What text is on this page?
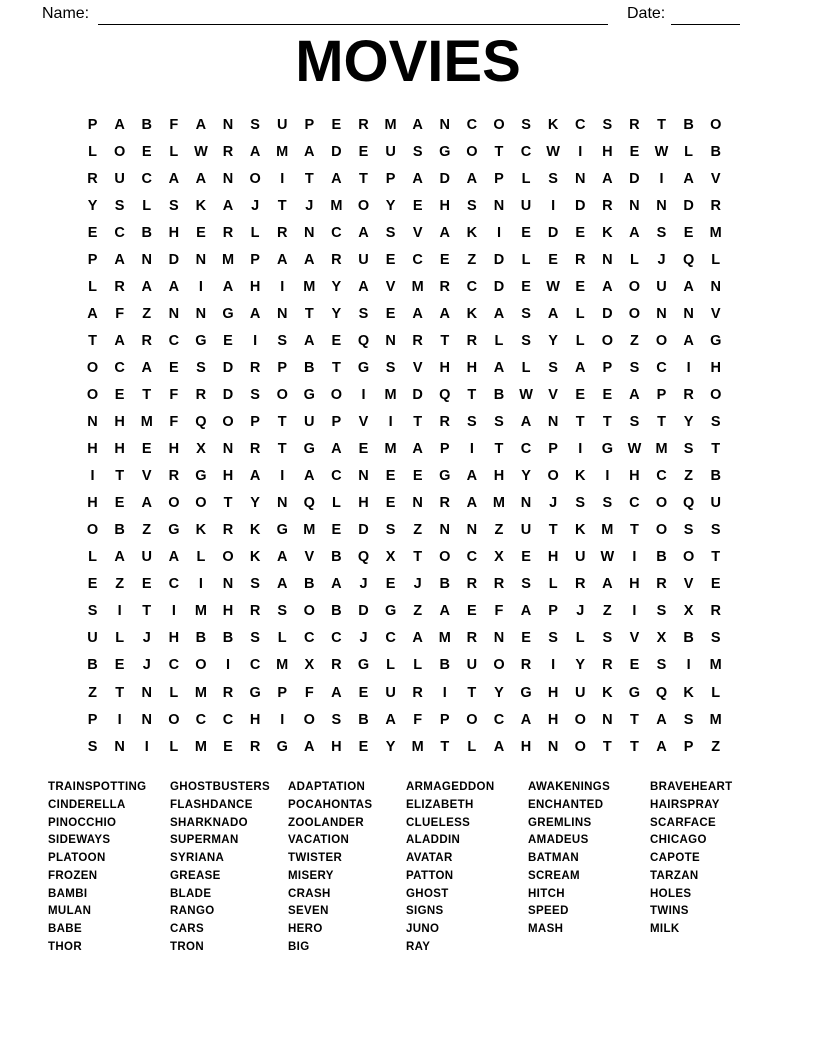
Name:	Date:
MOVIES
P	A	B	F	A	N	S	U	P	E	R	M	A	N	C	O	S	K	C	S	R	T	B	O
L	O	E	L	W	R	A	M	A	D	E	U	S	G	O	T	C	W	I	H	E	W	L	B
R	U	C	A	A	N	O	I	T	A	T	P	A	D	A	P	L	S	N	A	D	I	A	V
Y	S	L	S	K	A	J	T	J	M	O	Y	E	H	S	N	U	I	D	R	N	N	D	R
E	C	B	H	E	R	L	R	N	C	A	S	V	A	K	I	E	D	E	K	A	S	E	M
P	A	N	D	N	M	P	A	A	R	U	E	C	E	Z	D	L	E	R	N	L	J	Q	L
L	R	A	A	I	A	H	I	M	Y	A	V	M	R	C	D	E	W	E	A	O	U	A	N
A	F	Z	N	N	G	A	N	T	Y	S	E	A	A	K	A	S	A	L	D	O	N	N	V
T	A	R	C	G	E	I	S	A	E	Q	N	R	T	R	L	S	Y	L	O	Z	O	A	G
O	C	A	E	S	D	R	P	B	T	G	S	V	H	H	A	L	S	A	P	S	C	I	H
O	E	T	F	R	D	S	O	G	O	I	M	D	Q	T	B	W	V	E	E	A	P	R	O
N	H	M	F	Q	O	P	T	U	P	V	I	T	R	S	S	A	N	T	T	S	T	Y	S
H	H	E	H	X	N	R	T	G	A	E	M	A	P	I	T	C	P	I	G	W M	S	T
I	T	V	R	G	H	A	I	A	C	N	E	E	G	A	H	Y	O	K	I	H	C	Z	B
H	E	A	O	O	T	Y	N	Q	L	H	E	N	R	A	M	N	J	S	S	C	O	Q	U
O	B	Z	G	K	R	K	G	M	E	D	S	Z	N	N	Z	U	T	K	M	T	O	S	S
L	A	U	A	L	O	K	A	V	B	Q	X	T	O	C	X	E	H	U	W	I	B	O	T
E	Z	E	C	I	N	S	A	B	A	J	E	J	B	R	R	S	L	R	A	H	R	V	E
S	I	T	I	M	H	R	S	O	B	D	G	Z	A	E	F	A	P	J	Z	I	S	X	R
U	L	J	H	B	B	S	L	C	C	J	C	A	M	R	N	E	S	L	S	V	X	B	S
B	E	J	C	O	I	C	M	X	R	G	L	L	B	U	O	R	I	Y	R	E	S	I	M
Z	T	N	L	M	R	G	P	F	A	E	U	R	I	T	Y	G	H	U	K	G	Q	K	L
P	I	N	O	C	C	H	I	O	S	B	A	F	P	O	C	A	H	O	N	T	A	S	M
S	N	I	L	M	E	R	G	A	H	E	Y	M	T	L	A	H	N	O	T	T	A	P	Z
TRAINSPOTTING
CINDERELLA
PINOCCHIO
SIDEWAYS
PLATOON
FROZEN
BAMBI
MULAN
BABE
THOR
GHOSTBUSTERS
FLASHDANCE
SHARKNADO
SUPERMAN
SYRIANA
GREASE
BLADE
RANGO
CARS
TRON
ADAPTATION
POCAHONTAS
ZOOLANDER
VACATION
TWISTER
MISERY
CRASH
SEVEN
HERO
BIG
ARMAGEDDON
ELIZABETH
CLUELESS
ALADDIN
AVATAR
PATTON
GHOST
SIGNS
JUNO
RAY
AWAKENINGS
ENCHANTED
GREMLINS
AMADEUS
BATMAN
SCREAM
HITCH
SPEED
MASH
BRAVEHEART
HAIRSPRAY
SCARFACE
CHICAGO
CAPOTE
TARZAN
HOLES
TWINS
MILK
